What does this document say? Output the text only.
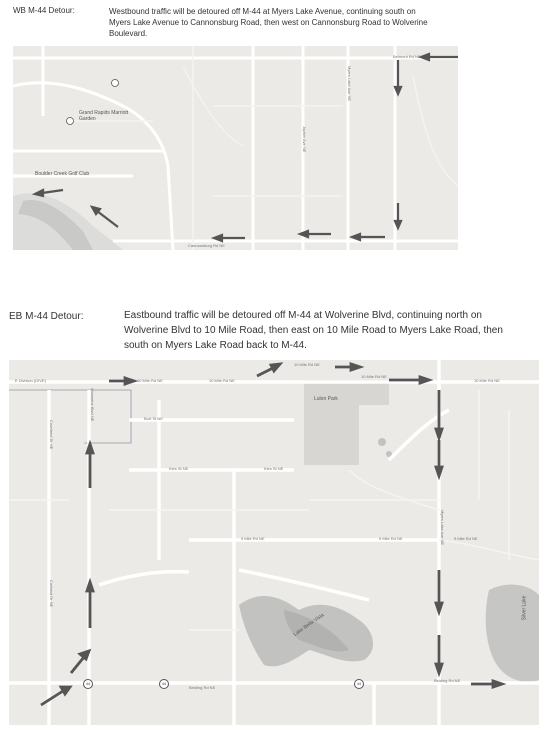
WB M-44 Detour:	Westbound traffic will be detoured off M-44 at Myers Lake Avenue, continuing south on Myers Lake Avenue to Cannonsburg Road, then west on Cannonsburg Road to Wolverine Boulevard.
Belmont Rd NE
Cannonsburg Rd NE
Myers Lake Ave NE
Jupiter Ave NE
Grand Rapids Marriott Garden
Boulder Creek Golf Club
EB M-44 Detour:	Eastbound traffic will be detoured off M-44 at Wolverine Blvd, continuing north on Wolverine Blvd to 10 Mile Road, then east on 10 Mile Road to Myers Lake Road, then south on Myers Lake Road back to M-44.
E Division (DIVE)	10 Mile Rd NE	10 Mile Rd NE
10 Mile Rd NE
10 Mile Rd NE
10 Mile Rd NE
Burt St NE
Kies St NE	Kies St NE
9 Mile Rd NE	9 Mile Rd NE	9 Mile Rd NE
Belding Rd NE
Belding Rd NE
Wolverine Blvd NE
Myers Lake Ave NE
Courtland Dr NE
Cortland Dr NE
Lulon Park
Silver Lake
Lake Bella Vista
44	44	44
